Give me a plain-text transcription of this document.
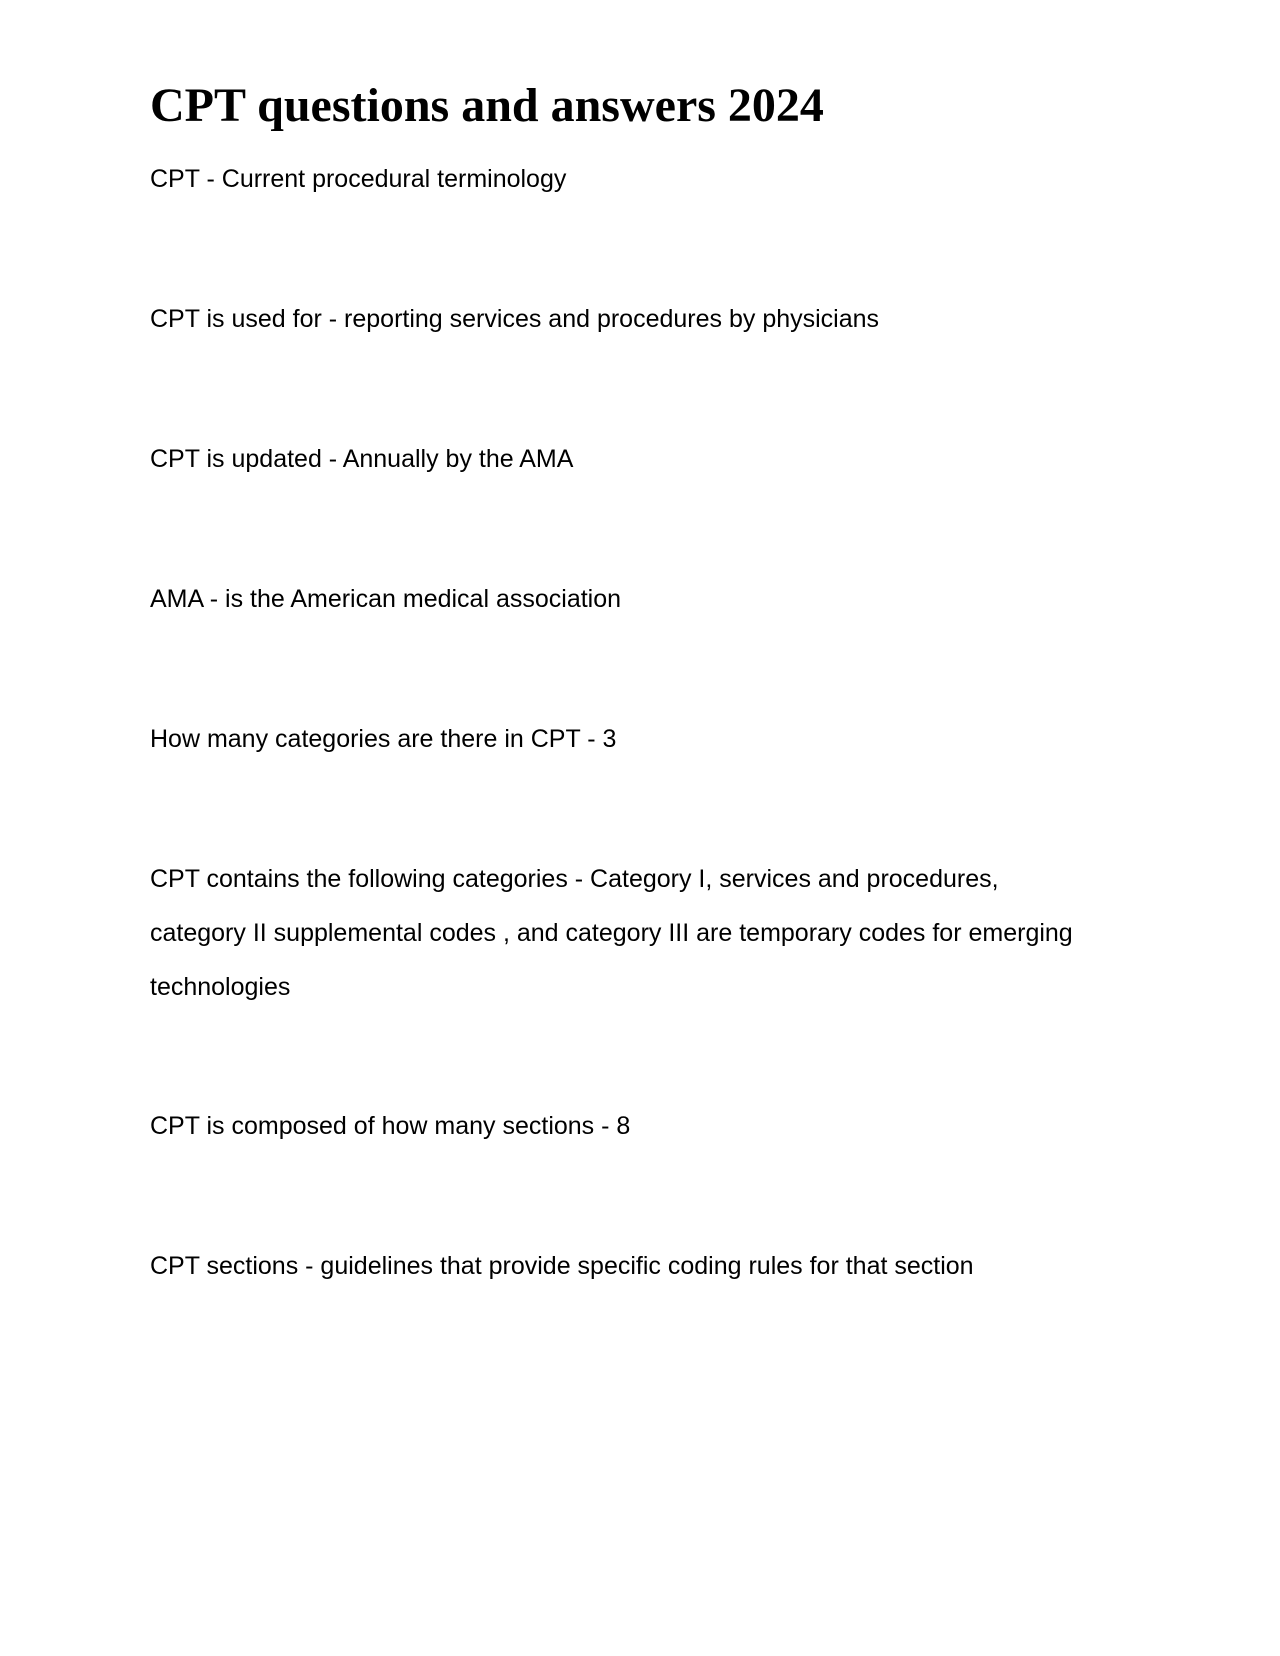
CPT questions and answers 2024

CPT - Current procedural terminology

CPT is used for - reporting services and procedures by physicians

CPT is updated - Annually by the AMA

AMA - is the American medical association

How many categories are there in CPT - 3

CPT contains the following categories - Category I, services and procedures, category II supplemental codes , and category III are temporary codes for emerging technologies

CPT is composed of how many sections - 8

CPT sections - guidelines that provide specific coding rules for that section
